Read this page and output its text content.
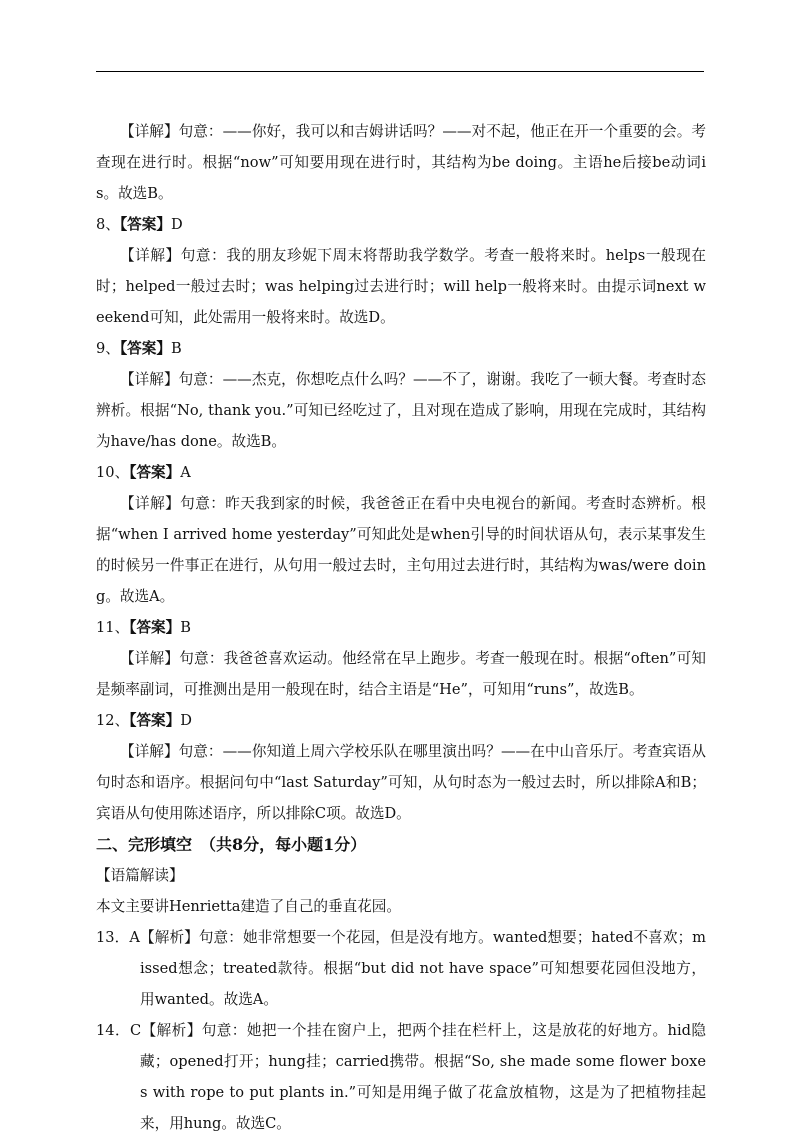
【详解】句意：——你好，我可以和吉姆讲话吗？——对不起，他正在开一个重要的会。考查现在进行时。根据“now”可知要用现在进行时，其结构为be doing。主语he后接be动词is。故选B。

8、【答案】D

【详解】句意：我的朋友珍妮下周末将帮助我学数学。考查一般将来时。helps一般现在时；helped一般过去时；was helping过去进行时；will help一般将来时。由提示词next weekend可知，此处需用一般将来时。故选D。

9、【答案】B

【详解】句意：——杰克，你想吃点什么吗？——不了，谢谢。我吃了一顿大餐。考查时态辨析。根据“No, thank you.”可知已经吃过了，且对现在造成了影响，用现在完成时，其结构为have/has done。故选B。

10、【答案】A

【详解】句意：昨天我到家的时候，我爸爸正在看中央电视台的新闻。考查时态辨析。根据“when I arrived home yesterday”可知此处是when引导的时间状语从句，表示某事发生的时候另一件事正在进行，从句用一般过去时，主句用过去进行时，其结构为was/were doing。故选A。

11、【答案】B

【详解】句意：我爸爸喜欢运动。他经常在早上跑步。考查一般现在时。根据“often”可知是频率副词，可推测出是用一般现在时，结合主语是“He”，可知用“runs”，故选B。

12、【答案】D

【详解】句意：——你知道上周六学校乐队在哪里演出吗？——在中山音乐厅。考查宾语从句时态和语序。根据问句中“last Saturday”可知，从句时态为一般过去时，所以排除A和B；宾语从句使用陈述语序，所以排除C项。故选D。

二、完形填空　（共8分，每小题1分）

【语篇解读】

本文主要讲Henrietta建造了自己的垂直花园。

13．A【解析】句意：她非常想要一个花园，但是没有地方。wanted想要；hated不喜欢；missed想念；treated款待。根据“but did not have space”可知想要花园但没地方，用wanted。故选A。

14．C【解析】句意：她把一个挂在窗户上，把两个挂在栏杆上，这是放花的好地方。hid隐藏；opened打开；hung挂；carried携带。根据“So, she made some flower boxes with rope to put plants in.”可知是用绳子做了花盒放植物，这是为了把植物挂起来，用hung。故选C。
